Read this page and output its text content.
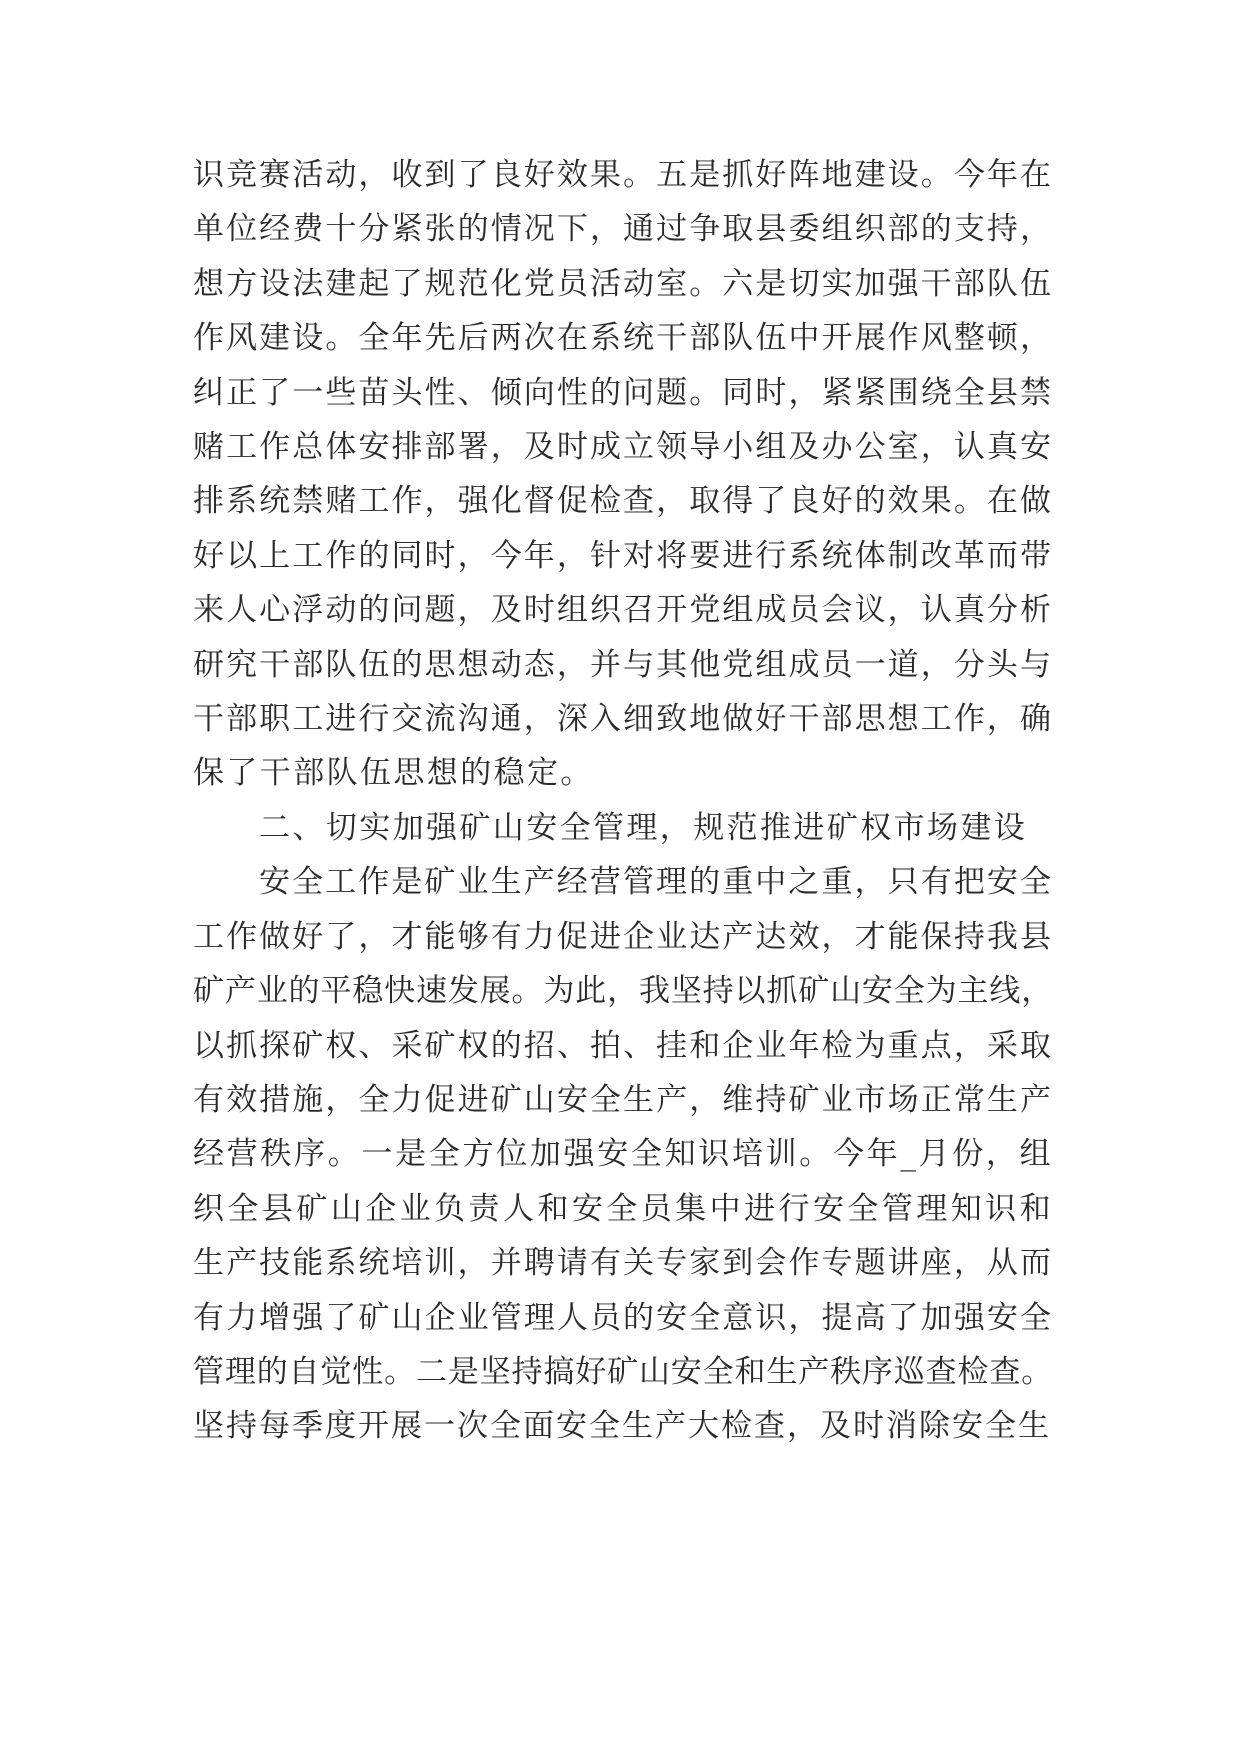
识竞赛活动，收到了良好效果。五是抓好阵地建设。今年在
单位经费十分紧张的情况下，通过争取县委组织部的支持，
想方设法建起了规范化党员活动室。六是切实加强干部队伍
作风建设。全年先后两次在系统干部队伍中开展作风整顿，
纠正了一些苗头性、倾向性的问题。同时，紧紧围绕全县禁
赌工作总体安排部署，及时成立领导小组及办公室，认真安
排系统禁赌工作，强化督促检查，取得了良好的效果。在做
好以上工作的同时，今年，针对将要进行系统体制改革而带
来人心浮动的问题，及时组织召开党组成员会议，认真分析
研究干部队伍的思想动态，并与其他党组成员一道，分头与
干部职工进行交流沟通，深入细致地做好干部思想工作，确
保了干部队伍思想的稳定。
二、切实加强矿山安全管理，规范推进矿权市场建设
安全工作是矿业生产经营管理的重中之重，只有把安全
工作做好了，才能够有力促进企业达产达效，才能保持我县
矿产业的平稳快速发展。为此，我坚持以抓矿山安全为主线，
以抓探矿权、采矿权的招、拍、挂和企业年检为重点，采取
有效措施，全力促进矿山安全生产，维持矿业市场正常生产
经营秩序。一是全方位加强安全知识培训。今年_月份，组
织全县矿山企业负责人和安全员集中进行安全管理知识和
生产技能系统培训，并聘请有关专家到会作专题讲座，从而
有力增强了矿山企业管理人员的安全意识，提高了加强安全
管理的自觉性。二是坚持搞好矿山安全和生产秩序巡查检查。
坚持每季度开展一次全面安全生产大检查，及时消除安全生
